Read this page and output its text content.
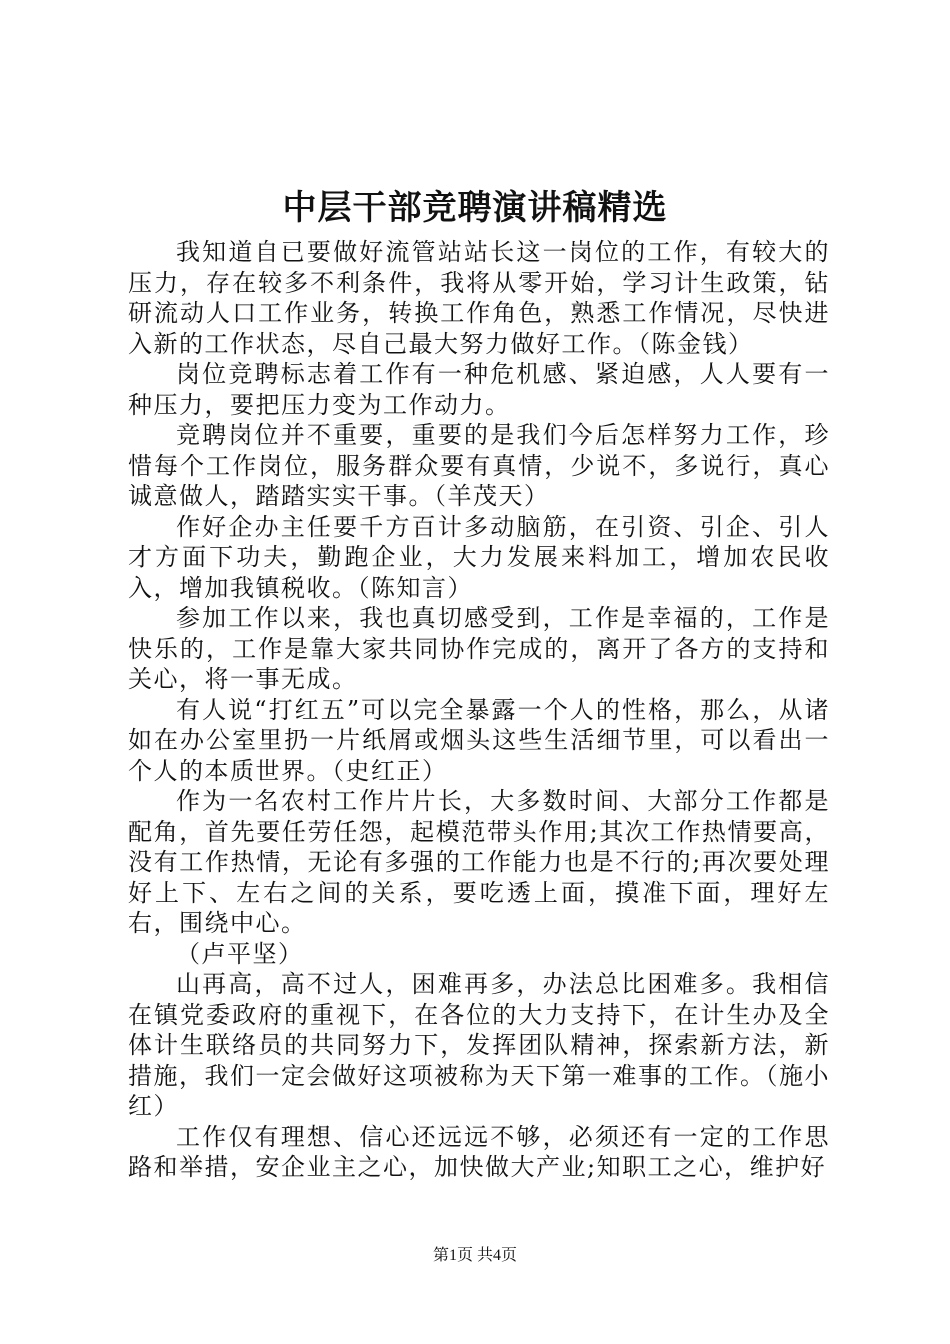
中层干部竞聘演讲稿精选

我知道自已要做好流管站站长这一岗位的工作，有较大的压力，存在较多不利条件，我将从零开始，学习计生政策，钻研流动人口工作业务，转换工作角色，熟悉工作情况，尽快进入新的工作状态，尽自己最大努力做好工作。（陈金钱）

岗位竞聘标志着工作有一种危机感、紧迫感，人人要有一种压力，要把压力变为工作动力。

竞聘岗位并不重要，重要的是我们今后怎样努力工作，珍惜每个工作岗位，服务群众要有真情，少说不，多说行，真心诚意做人，踏踏实实干事。（羊茂天）

作好企办主任要千方百计多动脑筋，在引资、引企、引人才方面下功夫，勤跑企业，大力发展来料加工，增加农民收入，增加我镇税收。（陈知言）

参加工作以来，我也真切感受到，工作是幸福的，工作是快乐的，工作是靠大家共同协作完成的，离开了各方的支持和关心，将一事无成。

有人说“打红五”可以完全暴露一个人的性格，那么，从诸如在办公室里扔一片纸屑或烟头这些生活细节里，可以看出一个人的本质世界。（史红正）

作为一名农村工作片片长，大多数时间、大部分工作都是配角，首先要任劳任怨，起模范带头作用;其次工作热情要高，没有工作热情，无论有多强的工作能力也是不行的;再次要处理好上下、左右之间的关系，要吃透上面，摸准下面，理好左右，围绕中心。

（卢平坚）

山再高，高不过人，困难再多，办法总比困难多。我相信在镇党委政府的重视下，在各位的大力支持下，在计生办及全体计生联络员的共同努力下，发挥团队精神，探索新方法，新措施，我们一定会做好这项被称为天下第一难事的工作。（施小红）

工作仅有理想、信心还远远不够，必须还有一定的工作思路和举措，安企业主之心，加快做大产业;知职工之心，维护好

第1页 共4页
